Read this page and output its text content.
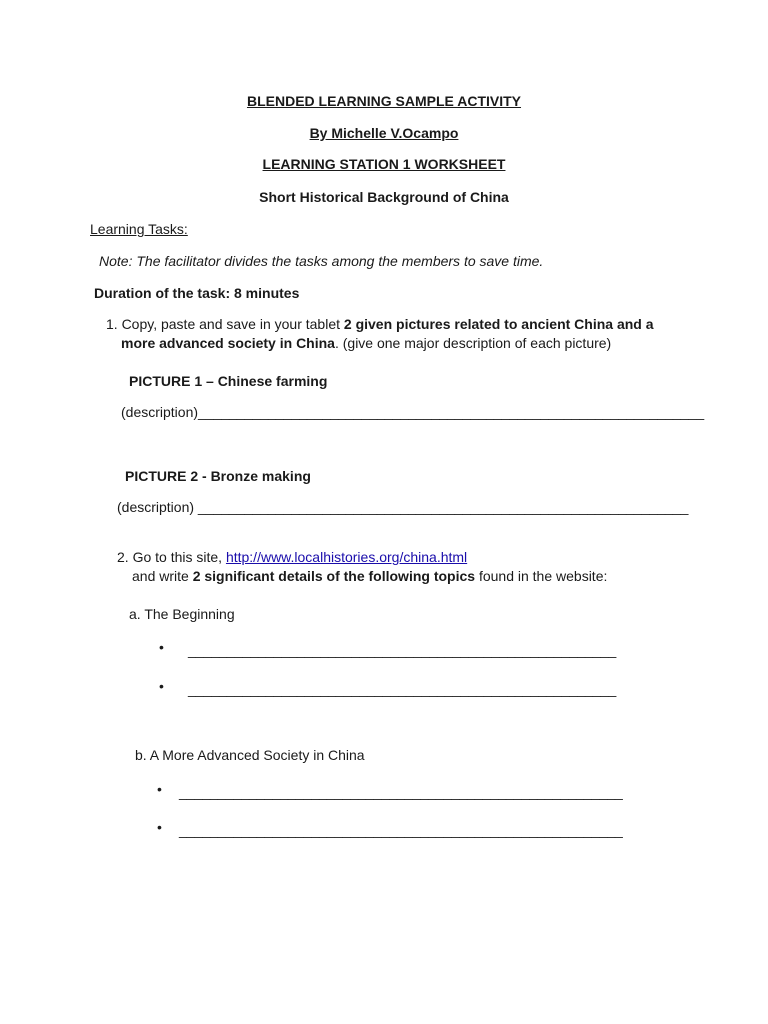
BLENDED LEARNING SAMPLE ACTIVITY
By Michelle V.Ocampo
LEARNING STATION 1 WORKSHEET
Short Historical Background of China
Learning Tasks:
Note: The facilitator divides the tasks among the members to save time.
Duration of the task: 8 minutes
1. Copy, paste and save in your tablet 2 given pictures related to ancient China and a
more advanced society in China. (give one major description of each picture)
PICTURE 1 – Chinese farming
(description)_________________________________________________________________
PICTURE 2 - Bronze making
(description) _______________________________________________________________
2. Go to this site, http://www.localhistories.org/china.html
and write 2 significant details of the following topics found in the website:
a. The Beginning
• _______________________________________________________
• _______________________________________________________
b. A More Advanced Society in China
• _________________________________________________________
• _________________________________________________________
